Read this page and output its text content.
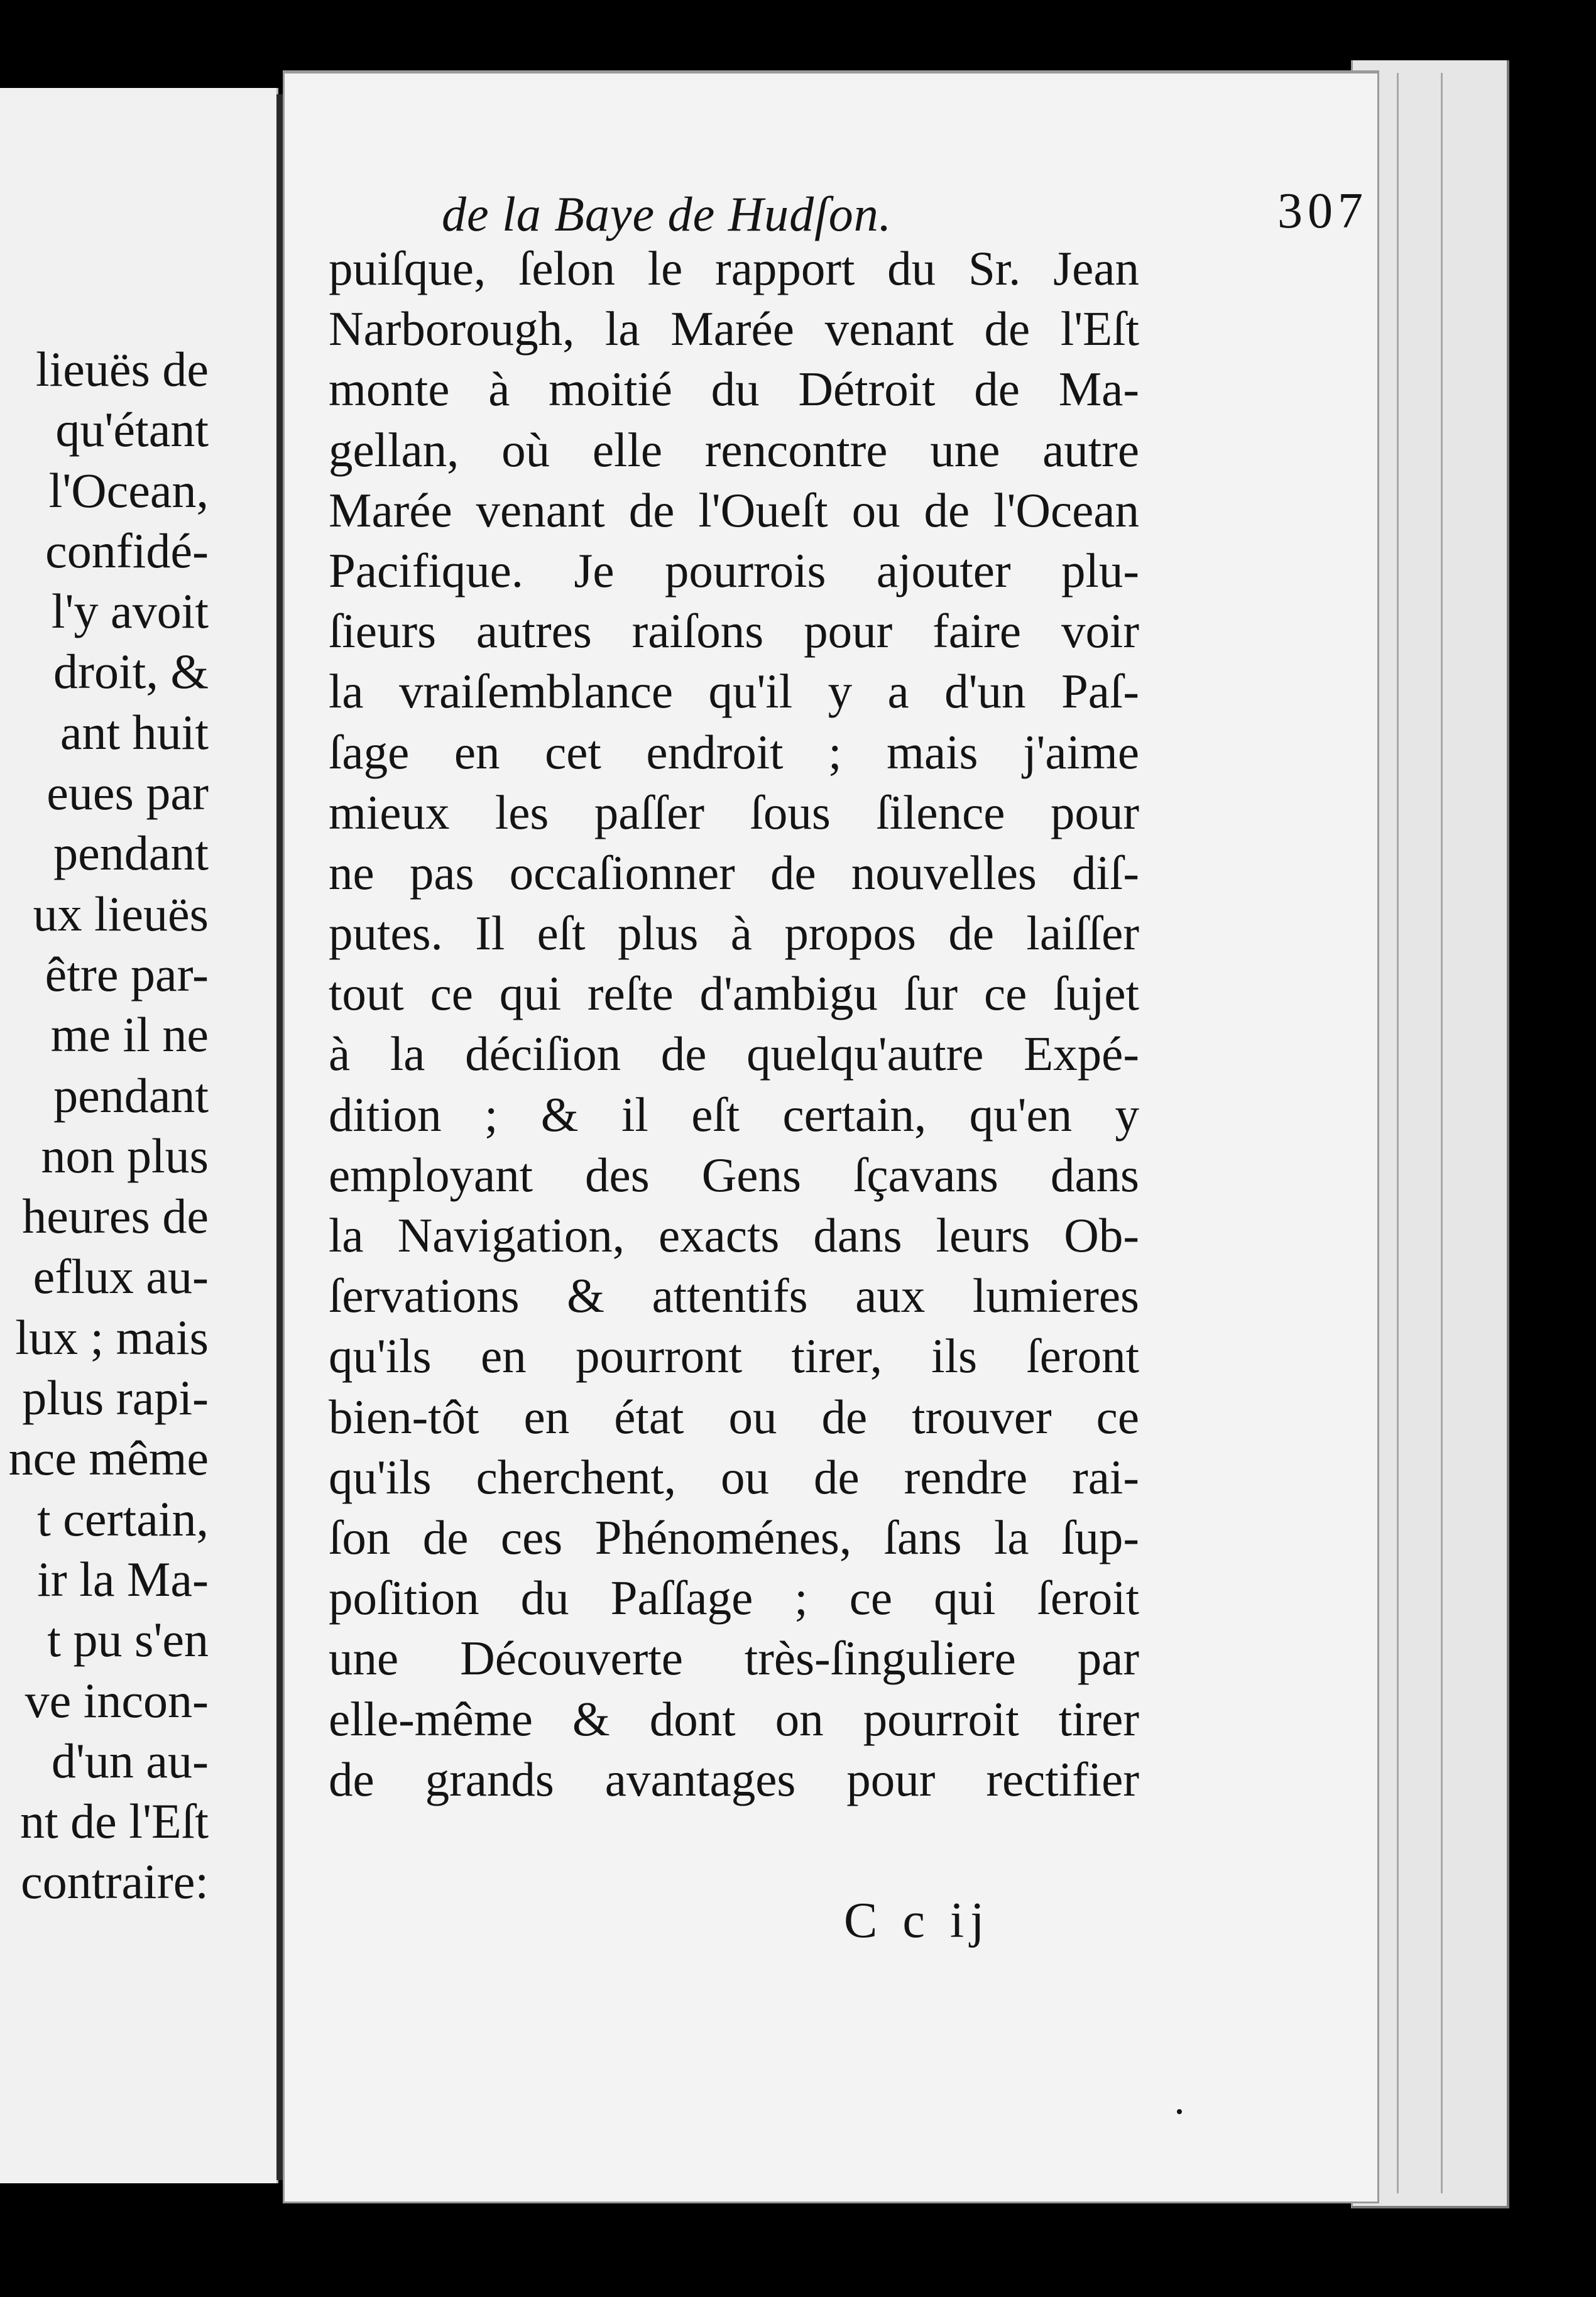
lieuës de
qu'étant
l'Ocean,
confidé-
l'y avoit
droit, &
ant huit
eues par
pendant
ux lieuës
être par-
me il ne
pendant
non plus
heures de
eflux au-
lux ; mais
plus rapi-
nce même
t certain,
ir la Ma-
t pu s'en
ve incon-
d'un au-
nt de l'Eſt
contraire:
de la Baye de Hudſon.	307
puiſque, ſelon le rapport du Sr. Jean
Narborough, la Marée venant de l'Eſt
monte à moitié du Détroit de Ma-
gellan, où elle rencontre une autre
Marée venant de l'Oueſt ou de l'Ocean
Pacifique. Je pourrois ajouter plu-
ſieurs autres raiſons pour faire voir
la vraiſemblance qu'il y a d'un Paſ-
ſage en cet endroit ; mais j'aime
mieux les paſſer ſous ſilence pour
ne pas occaſionner de nouvelles diſ-
putes. Il eſt plus à propos de laiſſer
tout ce qui reſte d'ambigu ſur ce ſujet
à la déciſion de quelqu'autre Expé-
dition ; & il eſt certain, qu'en y
employant des Gens ſçavans dans
la Navigation, exacts dans leurs Ob-
ſervations & attentifs aux lumieres
qu'ils en pourront tirer, ils ſeront
bien-tôt en état ou de trouver ce
qu'ils cherchent, ou de rendre rai-
ſon de ces Phénoménes, ſans la ſup-
poſition du Paſſage ; ce qui ſeroit
une Découverte très-ſinguliere par
elle-même & dont on pourroit tirer
de grands avantages pour rectifier
C c ij
